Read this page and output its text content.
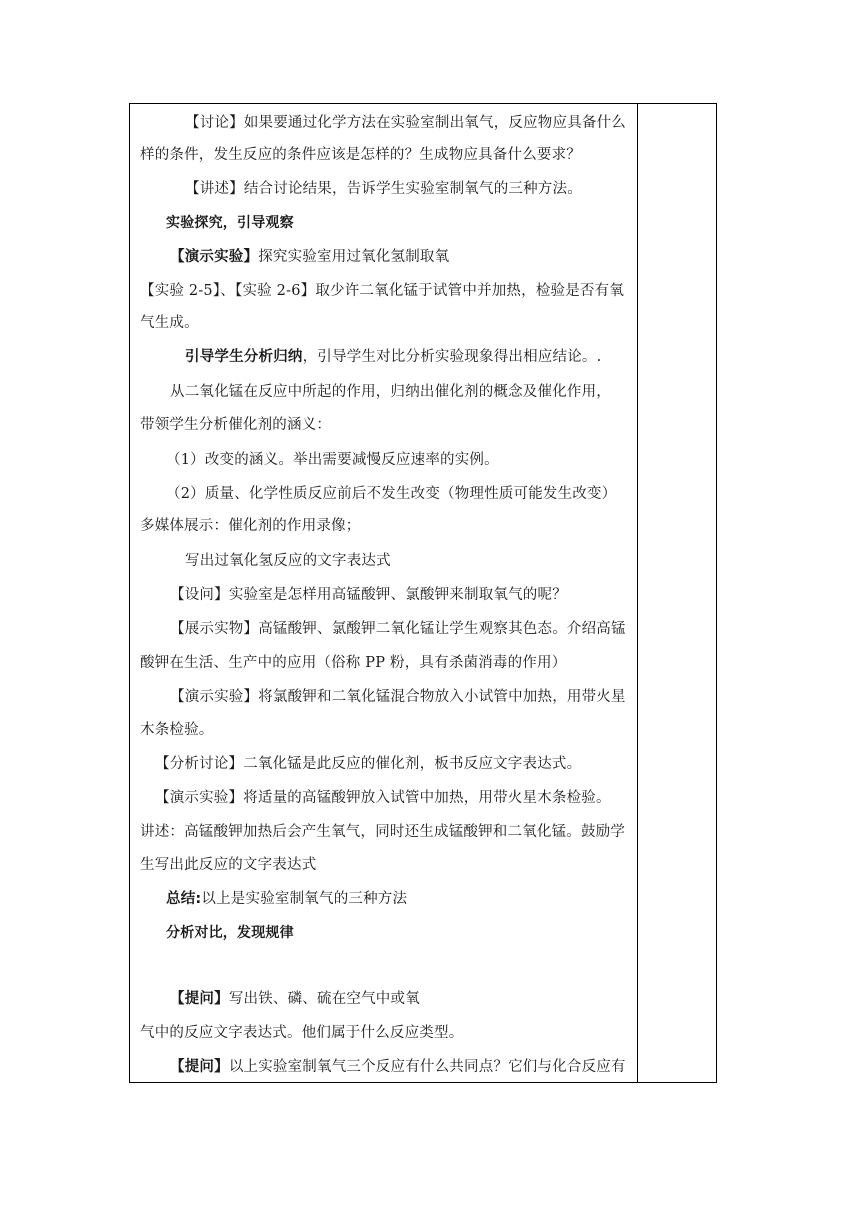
【讨论】如果要通过化学方法在实验室制出氧气，反应物应具备什么
样的条件，发生反应的条件应该是怎样的？生成物应具备什么要求？
【讲述】结合讨论结果，告诉学生实验室制氧气的三种方法。
实验探究，引导观察
【演示实验】探究实验室用过氧化氢制取氧
【实验 2-5】、【实验 2-6】取少许二氧化锰于试管中并加热，检验是否有氧
气生成。
引导学生分析归纳，引导学生对比分析实验现象得出相应结论。.
从二氧化锰在反应中所起的作用，归纳出催化剂的概念及催化作用，
带领学生分析催化剂的涵义：
（1）改变的涵义。举出需要减慢反应速率的实例。
（2）质量、化学性质反应前后不发生改变（物理性质可能发生改变）
多媒体展示：催化剂的作用录像；
写出过氧化氢反应的文字表达式
【设问】实验室是怎样用高锰酸钾、氯酸钾来制取氧气的呢？
【展示实物】高锰酸钾、氯酸钾二氧化锰让学生观察其色态。介绍高锰
酸钾在生活、生产中的应用（俗称 PP 粉，具有杀菌消毒的作用）
【演示实验】将氯酸钾和二氧化锰混合物放入小试管中加热，用带火星
木条检验。
【分析讨论】二氧化锰是此反应的催化剂，板书反应文字表达式。
【演示实验】将适量的高锰酸钾放入试管中加热，用带火星木条检验。
讲述：高锰酸钾加热后会产生氧气，同时还生成锰酸钾和二氧化锰。鼓励学
生写出此反应的文字表达式
总结:以上是实验室制氧气的三种方法
分析对比，发现规律
【提问】写出铁、磷、硫在空气中或氧
气中的反应文字表达式。他们属于什么反应类型。
【提问】以上实验室制氧气三个反应有什么共同点？它们与化合反应有
